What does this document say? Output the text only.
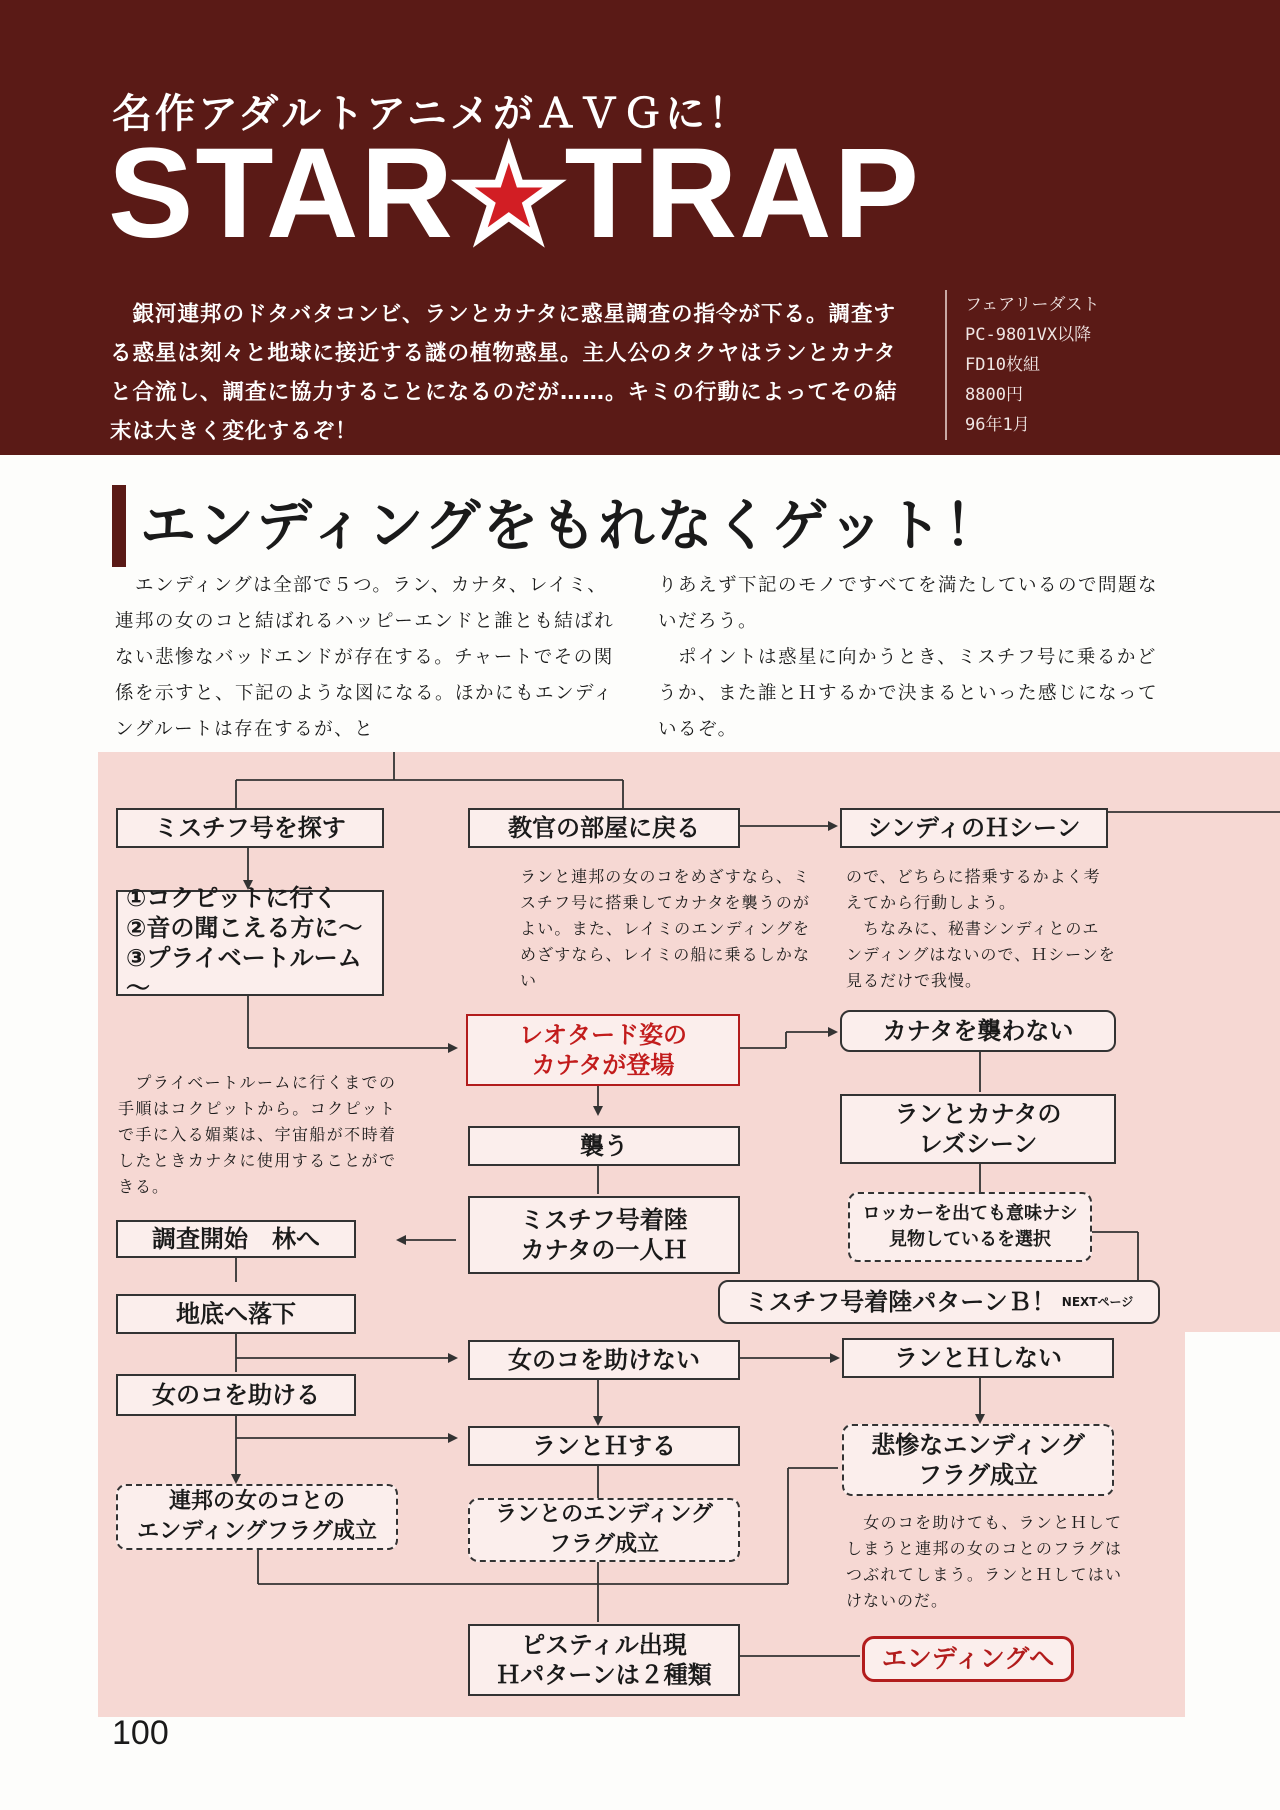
名作アダルトアニメがＡＶＧに！
STAR★TRAP
　銀河連邦のドタバタコンビ、ランとカナタに惑星調査の指令が下る。調査する惑星は刻々と地球に接近する謎の植物惑星。主人公のタクヤはランとカナタと合流し、調査に協力することになるのだが……。キミの行動によってその結末は大きく変化するぞ！
フェアリーダスト
PC-9801VX以降
FD10枚組
8800円
96年1月
エンディングをもれなくゲット！
　エンディングは全部で５つ。ラン、カナタ、レイミ、連邦の女のコと結ばれるハッピーエンドと誰とも結ばれない悲惨なバッドエンドが存在する。チャートでその関係を示すと、下記のような図になる。ほかにもエンディングルートは存在するが、と
りあえず下記のモノですべてを満たしているので問題ないだろう。
　ポイントは惑星に向かうとき、ミスチフ号に乗るかどうか、また誰とＨするかで決まるといった感じになっているぞ。
ミスチフ号を探す	教官の部屋に戻る	シンディのＨシーン
①コクピットに行く
②音の聞こえる方に～
③プライベートルーム～
ランと連邦の女のコをめざすなら、ミスチフ号に搭乗してカナタを襲うのがよい。また、レイミのエンディングをめざすなら、レイミの船に乗るしかない
ので、どちらに搭乗するかよく考えてから行動しよう。
　ちなみに、秘書シンディとのエンディングはないので、Ｈシーンを見るだけで我慢。
レオタード姿の
カナタが登場
カナタを襲わない
　プライベートルームに行くまでの手順はコクピットから。コクピットで手に入る媚薬は、宇宙船が不時着したときカナタに使用することができる。
ランとカナタの
レズシーン
襲う
ロッカーを出ても意味ナシ
見物しているを選択
ミスチフ号着陸
カナタの一人Ｈ
調査開始　林へ
ミスチフ号着陸パターンＢ！ NEXTページ
地底へ落下
女のコを助けない	ランとＨしない
女のコを助ける
ランとＨする	悲惨なエンディング
フラグ成立
連邦の女のコとの
エンディングフラグ成立
ランとのエンディング
フラグ成立
　女のコを助けても、ランとＨしてしまうと連邦の女のコとのフラグはつぶれてしまう。ランとＨしてはいけないのだ。
ピスティル出現
Ｈパターンは２種類
エンディングへ
100
